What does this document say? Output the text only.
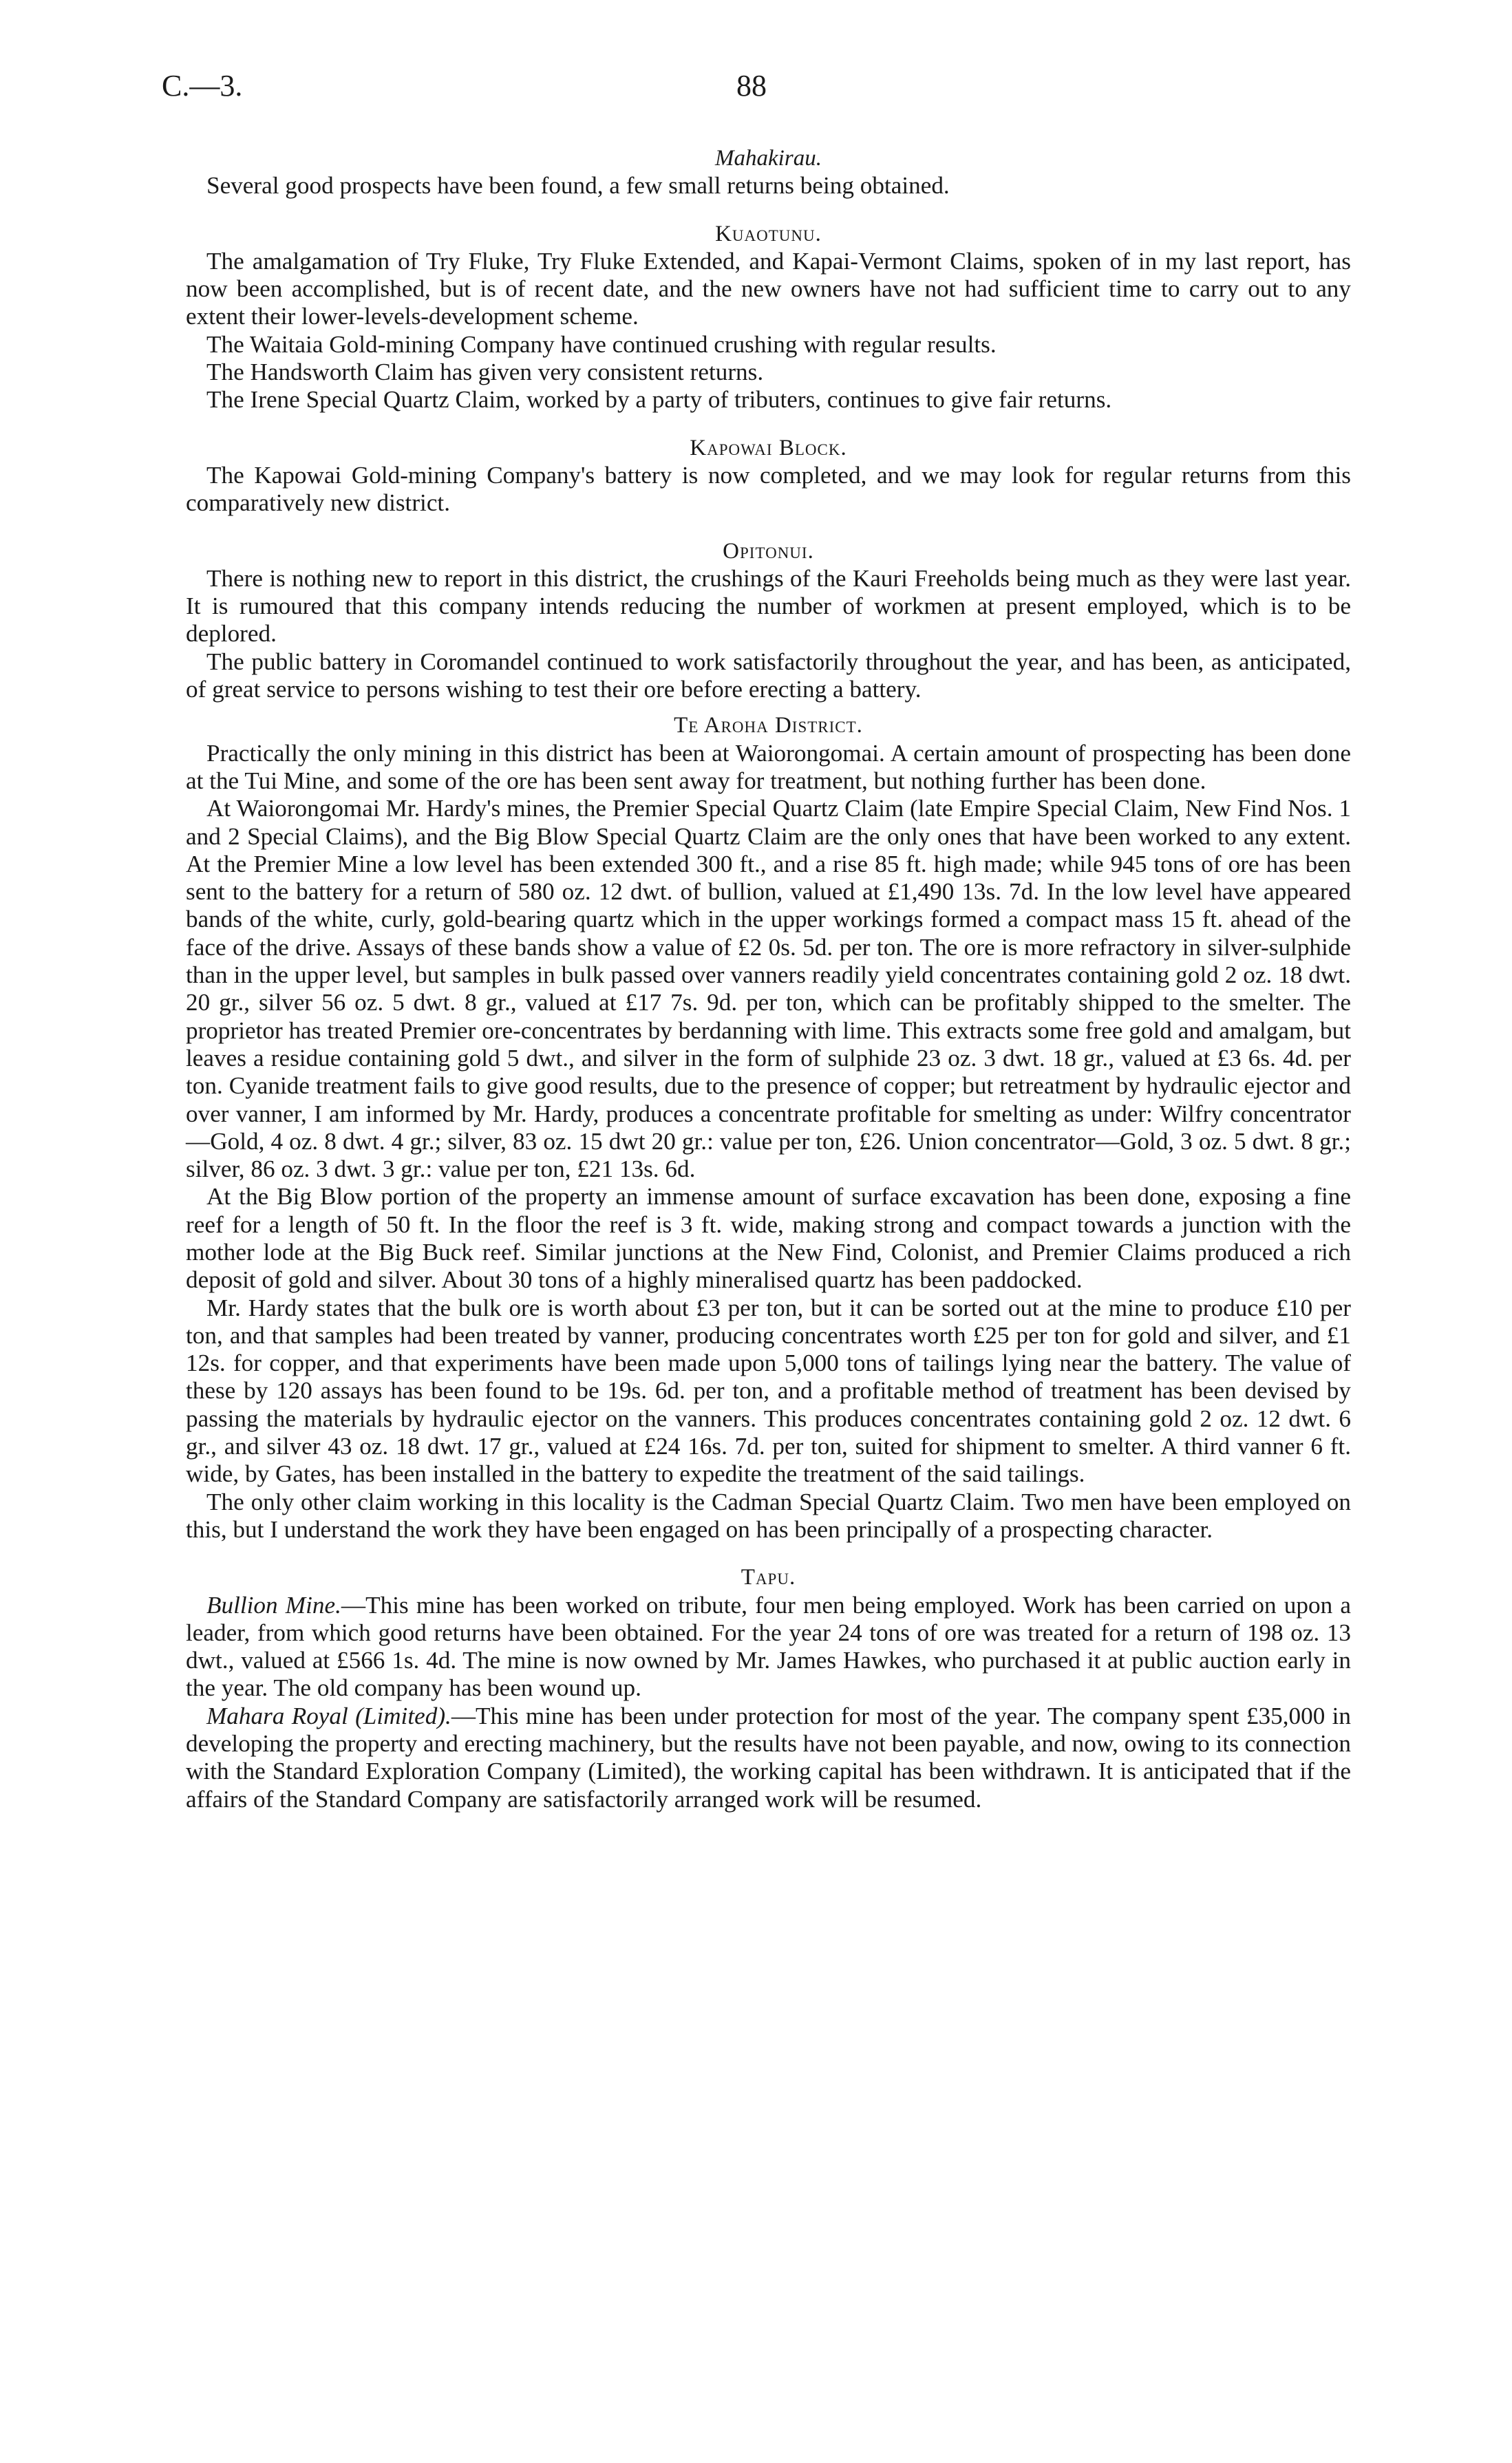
C.—3.	88
Mahakirau.

Several good prospects have been found, a few small returns being obtained.

Kuaotunu.

The amalgamation of Try Fluke, Try Fluke Extended, and Kapai-Vermont Claims, spoken of in my last report, has now been accomplished, but is of recent date, and the new owners have not had sufficient time to carry out to any extent their lower-levels-development scheme.

The Waitaia Gold-mining Company have continued crushing with regular results.

The Handsworth Claim has given very consistent returns.

The Irene Special Quartz Claim, worked by a party of tributers, continues to give fair returns.

Kapowai Block.

The Kapowai Gold-mining Company's battery is now completed, and we may look for regular returns from this comparatively new district.

Opitonui.

There is nothing new to report in this district, the crushings of the Kauri Freeholds being much as they were last year. It is rumoured that this company intends reducing the number of workmen at present employed, which is to be deplored.

The public battery in Coromandel continued to work satisfactorily throughout the year, and has been, as anticipated, of great service to persons wishing to test their ore before erecting a battery.

Te Aroha District.

Practically the only mining in this district has been at Waiorongomai. A certain amount of prospecting has been done at the Tui Mine, and some of the ore has been sent away for treatment, but nothing further has been done.

At Waiorongomai Mr. Hardy's mines, the Premier Special Quartz Claim (late Empire Special Claim, New Find Nos. 1 and 2 Special Claims), and the Big Blow Special Quartz Claim are the only ones that have been worked to any extent. At the Premier Mine a low level has been extended 300 ft., and a rise 85 ft. high made; while 945 tons of ore has been sent to the battery for a return of 580 oz. 12 dwt. of bullion, valued at £1,490 13s. 7d. In the low level have appeared bands of the white, curly, gold-bearing quartz which in the upper workings formed a compact mass 15 ft. ahead of the face of the drive. Assays of these bands show a value of £2 0s. 5d. per ton. The ore is more refractory in silver-sulphide than in the upper level, but samples in bulk passed over vanners readily yield concentrates containing gold 2 oz. 18 dwt. 20 gr., silver 56 oz. 5 dwt. 8 gr., valued at £17 7s. 9d. per ton, which can be profitably shipped to the smelter. The proprietor has treated Premier ore-concentrates by berdanning with lime. This extracts some free gold and amalgam, but leaves a residue containing gold 5 dwt., and silver in the form of sulphide 23 oz. 3 dwt. 18 gr., valued at £3 6s. 4d. per ton. Cyanide treatment fails to give good results, due to the presence of copper; but retreatment by hydraulic ejector and over vanner, I am informed by Mr. Hardy, produces a concentrate profitable for smelting as under: Wilfry concentrator—Gold, 4 oz. 8 dwt. 4 gr.; silver, 83 oz. 15 dwt 20 gr.: value per ton, £26. Union concentrator—Gold, 3 oz. 5 dwt. 8 gr.; silver, 86 oz. 3 dwt. 3 gr.: value per ton, £21 13s. 6d.

At the Big Blow portion of the property an immense amount of surface excavation has been done, exposing a fine reef for a length of 50 ft. In the floor the reef is 3 ft. wide, making strong and compact towards a junction with the mother lode at the Big Buck reef. Similar junctions at the New Find, Colonist, and Premier Claims produced a rich deposit of gold and silver. About 30 tons of a highly mineralised quartz has been paddocked.

Mr. Hardy states that the bulk ore is worth about £3 per ton, but it can be sorted out at the mine to produce £10 per ton, and that samples had been treated by vanner, producing concentrates worth £25 per ton for gold and silver, and £1 12s. for copper, and that experiments have been made upon 5,000 tons of tailings lying near the battery. The value of these by 120 assays has been found to be 19s. 6d. per ton, and a profitable method of treatment has been devised by passing the materials by hydraulic ejector on the vanners. This produces concentrates containing gold 2 oz. 12 dwt. 6 gr., and silver 43 oz. 18 dwt. 17 gr., valued at £24 16s. 7d. per ton, suited for shipment to smelter. A third vanner 6 ft. wide, by Gates, has been installed in the battery to expedite the treatment of the said tailings.

The only other claim working in this locality is the Cadman Special Quartz Claim. Two men have been employed on this, but I understand the work they have been engaged on has been principally of a prospecting character.

Tapu.

Bullion Mine.—This mine has been worked on tribute, four men being employed. Work has been carried on upon a leader, from which good returns have been obtained. For the year 24 tons of ore was treated for a return of 198 oz. 13 dwt., valued at £566 1s. 4d. The mine is now owned by Mr. James Hawkes, who purchased it at public auction early in the year. The old company has been wound up.

Mahara Royal (Limited).—This mine has been under protection for most of the year. The company spent £35,000 in developing the property and erecting machinery, but the results have not been payable, and now, owing to its connection with the Standard Exploration Company (Limited), the working capital has been withdrawn. It is anticipated that if the affairs of the Standard Company are satisfactorily arranged work will be resumed.
